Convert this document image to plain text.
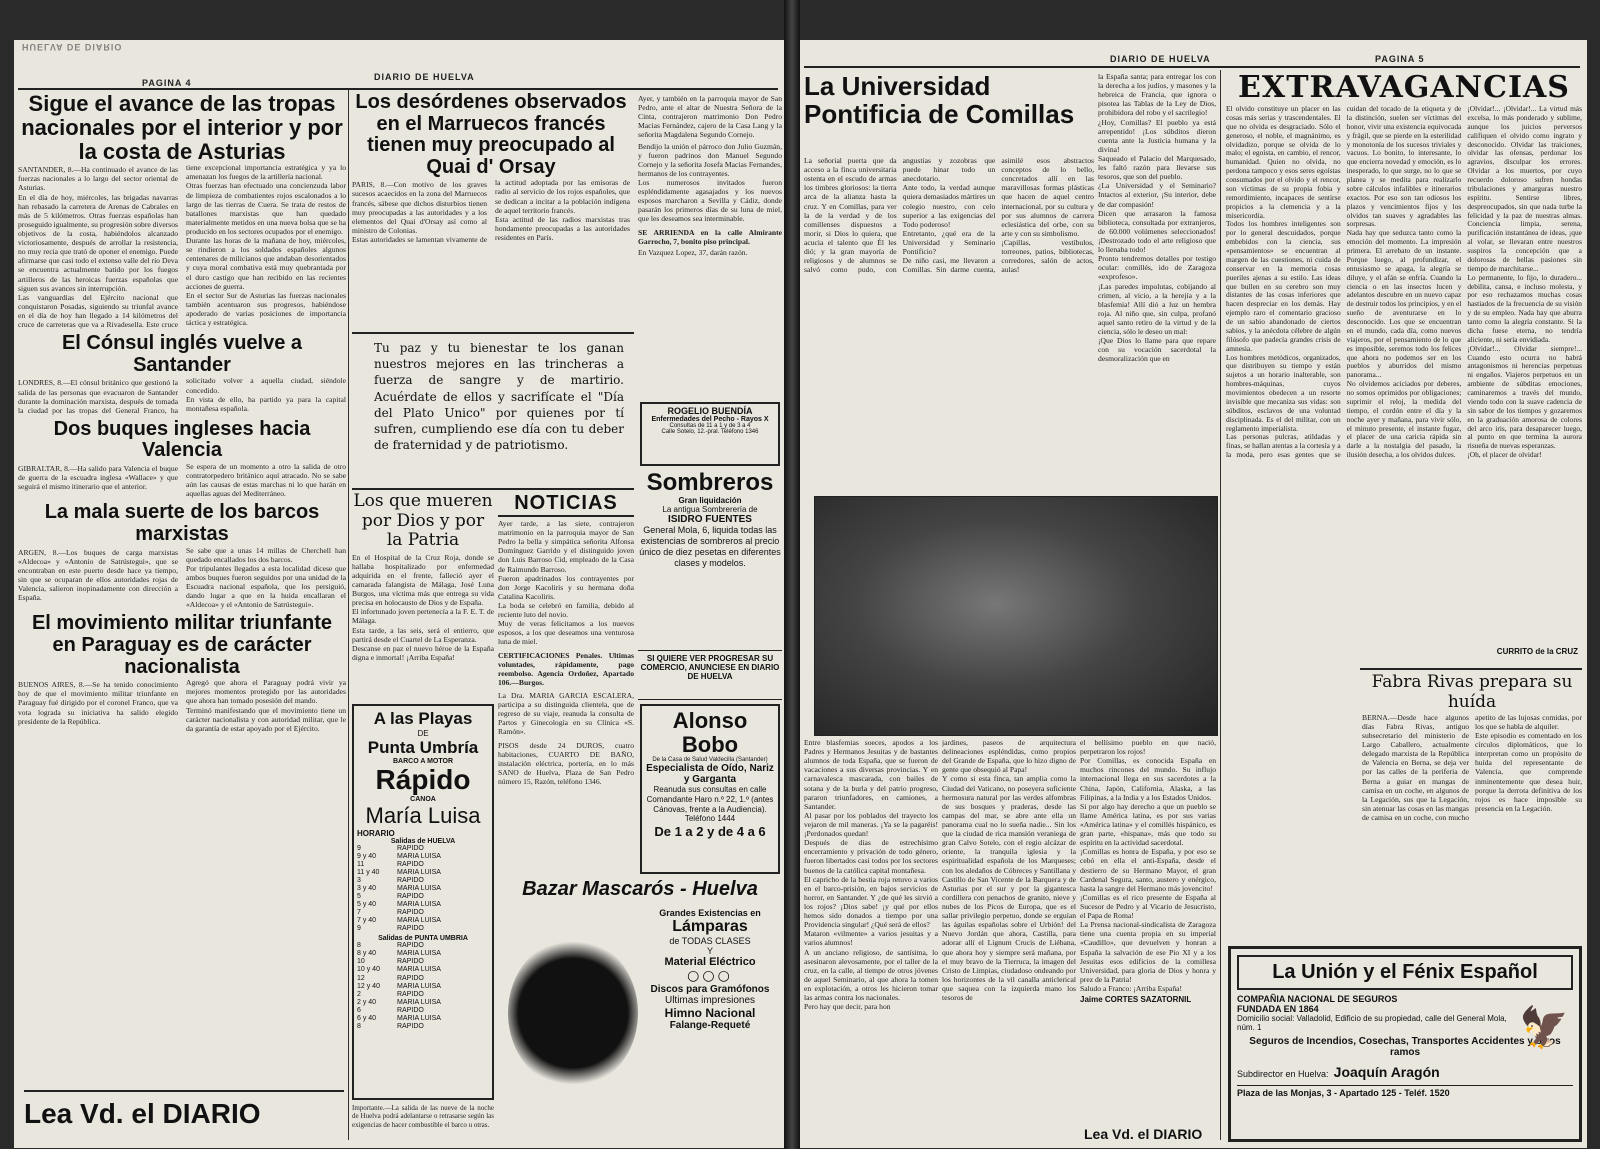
HUELVA DE DIARIO
PAGINA 4
DIARIO DE HUELVA
Sigue el avance de las tropas nacionales por el interior y por la costa de Asturias

SANTANDER, 8.—Ha continuado el avance de las fuerzas nacionales a lo largo del sector oriental de Asturias.
En el día de hoy, miércoles, las brigadas navarras han rebasado la carretera de Arenas de Cabrales en más de 5 kilómetros. Otras fuerzas españolas han proseguido igualmente, su progresión sobre diversos objetivos de la costa, habiéndolos alcanzado victoriosamente, después de arrollar la resistencia, no muy recia que trató de oponer el enemigo. Puede afirmarse que casi todo el extenso valle del río Deva se encuentra actualmente batido por los fuegos artilleros de las heroicas fuerzas españolas que siguen sus avances sin interrupción.
Las vanguardias del Ejército nacional que conquistaron Posadas, siguiendo su triunfal avance en el día de hoy han llegado a 14 kilómetros del cruce de carreteras que va a Rivadesella. Este cruce tiene excepcional importancia estratégica y ya lo amenazan los fuegos de la artillería nacional.
Otras fuerzas han efectuado una concienzuda labor de limpieza de combatientes rojos escalonados a lo largo de las tierras de Cuera. Se trata de restos de batallones marxistas que han quedado materialmente metidos en una nueva bolsa que se ha producido en los sectores ocupados por el enemigo.
Durante las horas de la mañana de hoy, miércoles, se rindieron a los soldados españoles algunos centenares de milicianos que andaban desorientados y cuya moral combativa está muy quebrantada por el duro castigo que han recibido en las recientes acciones de guerra.
En el sector Sur de Asturias las fuerzas nacionales también acentuaron sus progresos, habiéndose apoderado de varias posiciones de importancia táctica y estratégica.

El Cónsul inglés vuelve a Santander

LONDRES, 8.—El cónsul británico que gestionó la salida de las personas que evacuaron de Santander durante la dominación marxista, después de tomada la ciudad por las tropas del General Franco, ha solicitado volver a aquella ciudad, siéndole concedido.
En vista de ello, ha partido ya para la capital montañesa española.

Dos buques ingleses hacia Valencia

GIBRALTAR, 8.—Ha salido para Valencia el buque de guerra de la escuadra inglesa «Wallace» y que seguirá el mismo itinerario que el anterior.
Se espera de un momento a otro la salida de otro contratorpedero británico aquí atracado. No se sabe aún las causas de estas marchas ni lo que harán en aquellas aguas del Mediterráneo.

La mala suerte de los barcos marxistas

ARGEN, 8.—Los buques de carga marxistas «Aldecoa» y «Antonio de Satrústegui», que se encontraban en este puerto desde hace ya tiempo, sin que se ocuparan de ellos autoridades rojas de Valencia, salieron inopinadamente con dirección a España.
Se sabe que a unas 14 millas de Cherchell han quedado encallados los dos barcos.
Por tripulantes llegados a esta localidad dicese que ambos buques fueron seguidos por una unidad de la Escuadra nacional española, que los persiguió, dando lugar a que en la huida encallaran el «Aldecoa» y el «Antonio de Satrústegui».

El movimiento militar triunfante en Paraguay es de carácter nacionalista

BUENOS AIRES, 8.—Se ha tenido conocimiento hoy de que el movimiento militar triunfante en Paraguay fué dirigido por el coronel Franco, que va vota lograda su iniciativa ha salido elegido presidente de la República.
Agregó que ahora el Paraguay podrá vivir ya mejores momentos protegido por las autoridades que ahora han tomado posesión del mando.
Terminó manifestando que el movimiento tiene un carácter nacionalista y con autoridad militar, que le da garantía de estar apoyado por el Ejército.

Lea Vd. el DIARIO
Los desórdenes observados en el Marruecos francés tienen muy preocupado al Quai d' Orsay

PARIS, 8.—Con motivo de los graves sucesos acaecidos en la zona del Marruecos francés, sábese que dichos disturbios tienen muy preocupadas a las autoridades y a los elementos del Quai d'Orsay así como al ministro de Colonias.
Estas autoridades se lamentan vivamente de la actitud adoptada por las emisoras de radio al servicio de los rojos españoles, que se dedican a incitar a la población indígena de aquel territorio francés.
Esta actitud de las radios marxistas tras hondamente preocupadas a las autoridades residentes en París.

Tu paz y tu bienestar te los ganan nuestros mejores en las trincheras a fuerza de sangre y de martirio. Acuérdate de ellos y sacrifícate el "Día del Plato Unico" por quienes por tí sufren, cumpliendo ese día con tu deber de fraternidad y de patriotismo.

Los que mueren por Dios y por la Patria

En el Hospital de la Cruz Roja, donde se hallaba hospitalizado por enfermedad adquirida en el frente, falleció ayer el camarada falangista de Málaga, José Luna Burgos, una víctima más que entrega su vida precisa en holocausto de Dios y de España.
El infortunado joven pertenecía a la F. E. T. de Málaga.
Esta tarde, a las seis, será el entierro, que partirá desde el Cuartel de La Esperanza.
Descanse en paz el nuevo héroe de la España digna e inmortal! ¡Arriba España!

A las Playas
DE
Punta Umbría
BARCO A MOTOR
Rápido
CANOA
María Luisa
HORARIO
Salidas de HUELVA
9	RAPIDO
9 y 40	MARIA LUISA
11	RAPIDO
11 y 40	MARIA LUISA
3	RAPIDO
3 y 40	MARIA LUISA
5	RAPIDO
5 y 40	MARIA LUISA
7	RAPIDO
7 y 40	MARIA LUISA
9	RAPIDO
Salidas de PUNTA UMBRIA
8	RAPIDO
8 y 40	MARIA LUISA
10	RAPIDO
10 y 40	MARIA LUISA
12	RAPIDO
12 y 40	MARIA LUISA
2	RAPIDO
2 y 40	MARIA LUISA
6	RAPIDO
6 y 40	MARIA LUISA
8	RAPIDO

Ayer, y también en la parroquia mayor de San Pedro, ante el altar de Nuestra Señora de la Cinta, contrajeron matrimonio Don Pedro Macias Fernández, cajero de la Casa Lang y la señorita Magdalena Segundo Cornejo.

Bendijo la unión el párroco don Julio Guzmán, y fueron padrinos don Manuel Segundo Cornejo y la señorita Josefa Macias Fernandes, hermanos de los contrayentes.
Los numerosos invitados fueron espléndidamente agasajados y los nuevos esposos marcharon a Sevilla y Cádiz, donde pasarán los primeros días de su luna de miel, que les deseamos sea interminable.

SE ARRIENDA en la calle Almirante Garrocho, 7, bonito piso principal.

En Vazquez Lopez, 37, darán razón.

ROGELIO BUENDÍA
Enfermedades del Pecho - Rayos X
Consultas de 11 a 1 y de 3 a 4
Calle Sotelo, 12.-pral. Teléfono 1346
NOTICIAS

Ayer tarde, a las siete, contrajeron matrimonio en la parroquia mayor de San Pedro la bella y simpática señorita Alfonsa Domínguez Garrido y el distinguido joven don Luis Barroso Cid, empleado de la Casa de Raimundo Barroso.
Fueron apadrinados los contrayentes por don Jorge Kacoliris y su hermana doña Catalina Kacoliris.
La boda se celebró en familia, debido al reciente luto del novio.
Muy de veras felicitamos a los nuevos esposos, a los que deseamos una venturosa luna de miel.

CERTIFICACIONES Penales. Ultimas voluntades, rápidamente, pago reembolso. Agencia Ordoñez, Apartado 106.—Burgos.

La Dra. MARIA GARCIA ESCALERA, participa a su distinguida clientela, que de regreso de su viaje, reanuda la consulta de Partos y Ginecología en su Clínica «S. Ramón».

PISOS desde 24 DUROS, cuatro habitaciones, CUARTO DE BAÑO, instalación eléctrica, portería, en lo más SANO de Huelva, Plaza de San Pedro número 15, Razón, teléfono 1346.

Sombreros
Gran liquidación
La antigua Sombrerería de
ISIDRO FUENTES
General Mola, 6, liquida todas las existencias de sombreros al precio único de diez pesetas en diferentes clases y modelos.

SI QUIERE VER PROGRESAR SU COMERCIO, ANUNCIESE EN DIARIO DE HUELVA

Alonso Bobo
De la Casa de Salud Valdecilla (Santander)
Especialista de Oído, Nariz y Garganta
Reanuda sus consultas en calle Comandante Haro n.º 22, 1.º (antes Cánovas, frente a la Audiencia). Teléfono 1444
De 1 a 2 y de 4 a 6
Bazar Mascarós - Huelva
Grandes Existencias en
Lámparas
de TODAS CLASES
Y
Material Eléctrico
○○○
Discos para Gramófonos
Ultimas impresiones
Himno Nacional
Falange-Requeté

Importante.—La salida de las nueve de la noche de Huelva podrá adelantarse o retrasarse según las exigencias de hacer combustible el barco u otras.

DIARIO DE HUELVA	PAGINA 5
La Universidad Pontificia de Comillas

La señorial puerta que da acceso a la finca universitaria ostenta en el escudo de armas los timbres gloriosos: la tierra arca de la alianza hasta la cruz. Y en Comillas, para ver la de la verdad y de los comillenses dispuestos a morir, si Dios lo quiera, que acucia el talento que Él les dió; y la gran mayoría de religiosos y de alumnos se salvó como pudo, con angustias y zozobras que puede hinar todo un anecdotario.
Ante todo, la verdad aunque quiera demasiados mártires un colegio nuestro, con celo superior a las exigencias del Todo poderoso!
Entretanto, ¿qué era de la Universidad y Seminario Pontificio?
De niño casi, me llevaron a Comillas. Sin darme cuenta, asimilé esos abstractos conceptos de lo bello, concretados allí en las maravillosas formas plásticas que hacen de aquel centro internacional, por su cultura y por sus alumnos de carrera eclesiástica del orbe, con su arte y con su simbolismo.
¡Capillas, vestíbulos, torreones, patios, bibliotecas, corredores, salón de actos, aulas!

la España santa; para entregar los con la derecha a los judíos, y masones y la hebreica de Francia, que ignora o pisotea las Tablas de la Ley de Dios, prohibidora del robo y el sacrilegio!
¿Hoy, Comillas? El pueblo ya está arrepentido! ¡Los súbditos dieron cuenta ante la Justicia humana y la divina!
Saqueado el Palacio del Marquesado, les faltó razón para llevarse sus tesoros, que son del pueblo.
¿La Universidad y el Seminario? Intactos al exterior, ¡Su interior, debe de dar compasión!
Dicen que arrasaron la famosa biblioteca, consultada por extranjeros, de 60.000 volúmenes seleccionados! ¡Destrozado todo el arte religioso que lo llenaba todo!
Pronto tendremos detalles por testigo ocular: comillés, ido de Zaragoza «exprofeso».
¡Las paredes impolutas, cobijando al crimen, al vicio, a la herejía y a la blasfemia! Allí dió a luz un hembra roja. Al niño que, sin culpa, profanó aquel santo retiro de la virtud y de la ciencia, sólo le deseo un mal:
¡Que Dios lo llame para que repare con su vocación sacerdotal la desmoralización que en

Entre blasfemias soeces, apodos a los Padres y Hermanos Jesuitas y de bastantes alumnos de toda España, que se fueron de vacaciones a sus diversas provincias. Y en carnavalesca mascarada, con bailes de sotana y de la burla y del patrio progreso, pararon triunfadores, en camiones, a Santander.
Al pasar por los poblados del trayecto los vejaron de mil maneras. ¡Ya se la pagaréis! ¡Perdonados quedan!
Después de días de estrechísimo encerramiento y privación de todo género, fueron libertados casi todos por los sectores buenos de la católica capital montañesa.
El capricho de la bestia roja retuvo a varios en el barco-prisión, en bajos servicios de horror, en Santander. Y ¿de qué les sirvió a los rojos? ¡Dios sabe! ¡y qué por ellos hemos sido donados a tiempo por una Providencia singular! ¿Qué será de ellos?
Mataron «vilmente» a varios jesuitas y a varios alumnos!
A un anciano religioso, de santísima, lo asesinaron alevosamente, por el taller de la cruz, en la calle, al tiempo de otros jóvenes de aquel Seminario, al que ahora la tomen en explotación, a otros les hicieron tomar las armas contra los nacionales.
Pero hay que decir, para hon

jardines, paseos de arquitectura delineaciones espléndidas, como propios del Grande de España, que lo hizo digno de gente que obsequió al Papa!
Y como si esta finca, tan amplia como la Ciudad del Vaticano, no poseyera suficiente hermosura natural por las verdes alfombras de sus bosques y praderas, desde las campas del mar, se abre ante ella un panorama cual no lo sueña nadie... Sin los que la ciudad de rica mansión veraniega de gran Calvo Sotelo, con el regio alcázar de oriente, la tranquila iglesia y la espiritualidad española de los Marqueses; con los aledaños de Cóbreces y Santillana y Castillo de San Vicente de la Barquera y de Asturias por el sur y por la gigantesca cordillera con penachos de granito, nieve y nubes de los Picos de Europa, que es el sallar privilegio perpetuo, donde se erguían las águilas españolas sobre el Urbión! del Nuevo Jordán que ahora, Castilla, para adorar allí el Lignum Crucis de Liébana, que ahora hoy y siempre será mañana, por el muy bravo de la Tierruca, la imagen del Cristo de Limpias, ciudadoso ondeando por los horizontes de la vil canalla anticlerical que saquea con la izquierda mano los tesoros de

el bellísimo pueblo en que nació, perpetraron los rojos!
Por Comillas, es conocida España en muchos rincones del mundo. Su influjo internacional llega en sus sacerdotes a la China, Japón, California, Alaska, a las Filipinas, a la India y a los Estados Unidos.
Si por algo hay derecho a que un pueblo se llame América latina, es por sus varias «América latina» y el comillés hispánico, es gran parte, «hispana», más que todo su espíritu en la actividad sacerdotal.
¡Comillas es honra de España, y por eso se cebó en ella el anti-España, desde el destierro de su Hermano Mayor, el gran Cardenal Segura, santo, austero y enérgico, hasta la sangre del Hermano más jovencito!
¡Comillas es el rico presente de España al Sucesor de Pedro y al Vicario de Jesucristo, el Papa de Roma!
La Prensa nacional-sindicalista de Zaragoza tiene una cuenta propia en su imperial «Caudillo», que devuelven y honran a España la salvación de ese Pio XI y a los Jesuitas esos edificios de la comillesa Universidad, para gloria de Dios y honra y prez de la Patria!
Saludo a Franco: ¡Arriba España!

Jaime CORTES SAZATORNIL

Lea Vd. el DIARIO
EXTRAVAGANCIAS

El olvido constituye un placer en las cosas más serias y trascendentales. El que no olvida es desgraciado. Sólo el generoso, el noble, el magnánimo, es olvidadizo, porque se olvida de lo malo; el egoísta, en cambio, el rencor, humanidad. Quien no olvida, no perdona tampoco y esos seres egoístas consumados por el olvido y el rencor, son víctimas de su propia fobia y remordimiento, incapaces de sentirse propicios a la clemencia y a la misericordia.
Todos los hombres inteligentes son por lo general descuidados, porque embebidos con la ciencia, sus «pensamientos» se encuentran al margen de las cuestiones, ni cuida de conservar en la memoria cosas pueriles ajenas a su estilo. Las ideas que bullen en su cerebro son muy distantes de las cosas inferiores que hacen despreciar en los demás. Hay ejemplo raro el comentario gracioso de un sabio abandonado de ciertos sabios, y la anécdota célebre de algún filósofo que padecía grandes crisis de amnesia.
Los hombres metódicos, organizados, que distribuyen su tiempo y están sujetos a un horario inalterable, son hombres-máquinas, cuyos movimientos obedecen a un resorte invisible que mecaniza sus vidas: son súbditos, esclavos de una voluntad disciplinada. Es el del militar, con un reglamento imperialista.
Las personas pulcras, atildadas y finas, se hallan atentas a la cortesía y a la moda, pero esas gentes que se cuidan del tocado de la etiqueta y de la distinción, suelen ser víctimas del honor, vivir una existencia equivocada y frágil, que se pierde en la esterilidad y monotonía de los sucesos triviales y vacuos. Lo bonito, lo interesante, lo que encierra novedad y emoción, es lo inesperado, lo que surge, no lo que se planea y se medita para realizarlo sobre cálculos infalibles e itinerarios exactos. Por eso son tan odiosos los plazos y vencimientos fijos y los olvidos tan suaves y agradables las sorpresas.
Nada hay que seduzca tanto como la emoción del momento. La impresión primera. El arrebato de un instante. Porque luego, al profundizar, el entusiasmo se apaga, la alegría se diluye, y el afán se enfría. Cuando la ciencia o en las insectos lucen y adelantos descubre en un nuevo capaz de destruir todos los principios, y en el sueño de aventurarse en lo desconocido. Los que se encuentran en el mundo, cada día, como nuevos viajeros, por el pensamiento de lo que es imposible, seremos todo los felices que ahora no podemos ser en los pueblos y aburridos del mismo panorama...
No olvidemos aciciados por deberes, no somos oprimidos por obligaciones; suprimir el reloj, la medida del tiempo, el cordón entre el día y la noche ayer y mañana, para vivir sólo, el minuto presente, el instante fugaz, el placer de una caricia rápida sin darle a la nostalgia del pasado, la ilusión desecha, a los olvidos dulces.
¡Olvidar!... ¡Olvidar!... La virtud más excelsa, lo más ponderado y sublime, aunque los juicios perversos califiquen el olvido como ingrato y desconocido. Olvidar las traiciones, olvidar las ofensas, perdonar los agravios, disculpar los errores. Olvidar a los muertos, por cuyo recuerdo doloroso sufren hondas tribulaciones y amarguras nuestro espíritu. Sentirse libres, despreocupados, sin que nada turbe la felicidad y la paz de nuestras almas. Conciencia limpia, serena, purificación instantánea de ideas, ¡que al volar, se llevaran entre nuestros suspiros la concepción que a dolorosas de bellas pasiones sin tiempo de marchitarse...
Lo permanente, lo fijo, lo duradero... debilita, cansa, e incluso molesta, y por eso rechazamos muchas cosas hastiados de la frecuencia de su visión y de su empleo. Nada hay que aburra tanto como la alegría constante. Si la dicha fuese eterna, no tendría aliciente, ni sería envidiada.
¡Olvidar!... Olvidar siempre!... Cuando esto ocurra no habrá antagonismos ni herencias perpetuas ni engaños. Viajeros perpetuos en un ambiente de súbditas emociones, caminaremos a través del mundo, viendo todo con la suave cadencia de sin sabor de los tiempos y gozaremos en la graduación amorosa de colores del arco iris, para desaparecer luego, al punto en que termina la aurora risueña de nuevas esperanzas.
¡Oh, el placer de olvidar!

CURRITO de la CRUZ

Fabra Rivas prepara su huída

BERNA.—Desde hace algunos días Fabra Rivas, antiguo subsecretario del ministerio de Largo Caballero, actualmente delegado marxista de la República de Valencia en Berna, se deja ver por las calles de la periferia de Berna a guiar en mangas de camisa en un coche, en algunos de la Legación, sus que la Legación, sin atenuar las cosas en las mangas de camisa en un coche, con mucho apetito de las lujosas comidas, por los que se habla de alquiler.
Este episodio es comentado en los círculos diplomáticos, que lo interpretan como un propósito de huída del representante de Valencia, que comprende inminentemente que desea huir, porque la derrota definitiva de los rojos es hace imposible su presencia en la Legación.

La Unión y el Fénix Español
🦅
COMPAÑIA NACIONAL DE SEGUROS
FUNDADA EN 1864
Domicilio social: Valladolid, Edificio de su propiedad, calle del General Mola, núm. 1
Seguros de Incendios, Cosechas, Transportes Accidentes y otros ramos
Subdirector en Huelva: Joaquín Aragón
Plaza de las Monjas, 3 - Apartado 125 - Teléf. 1520
